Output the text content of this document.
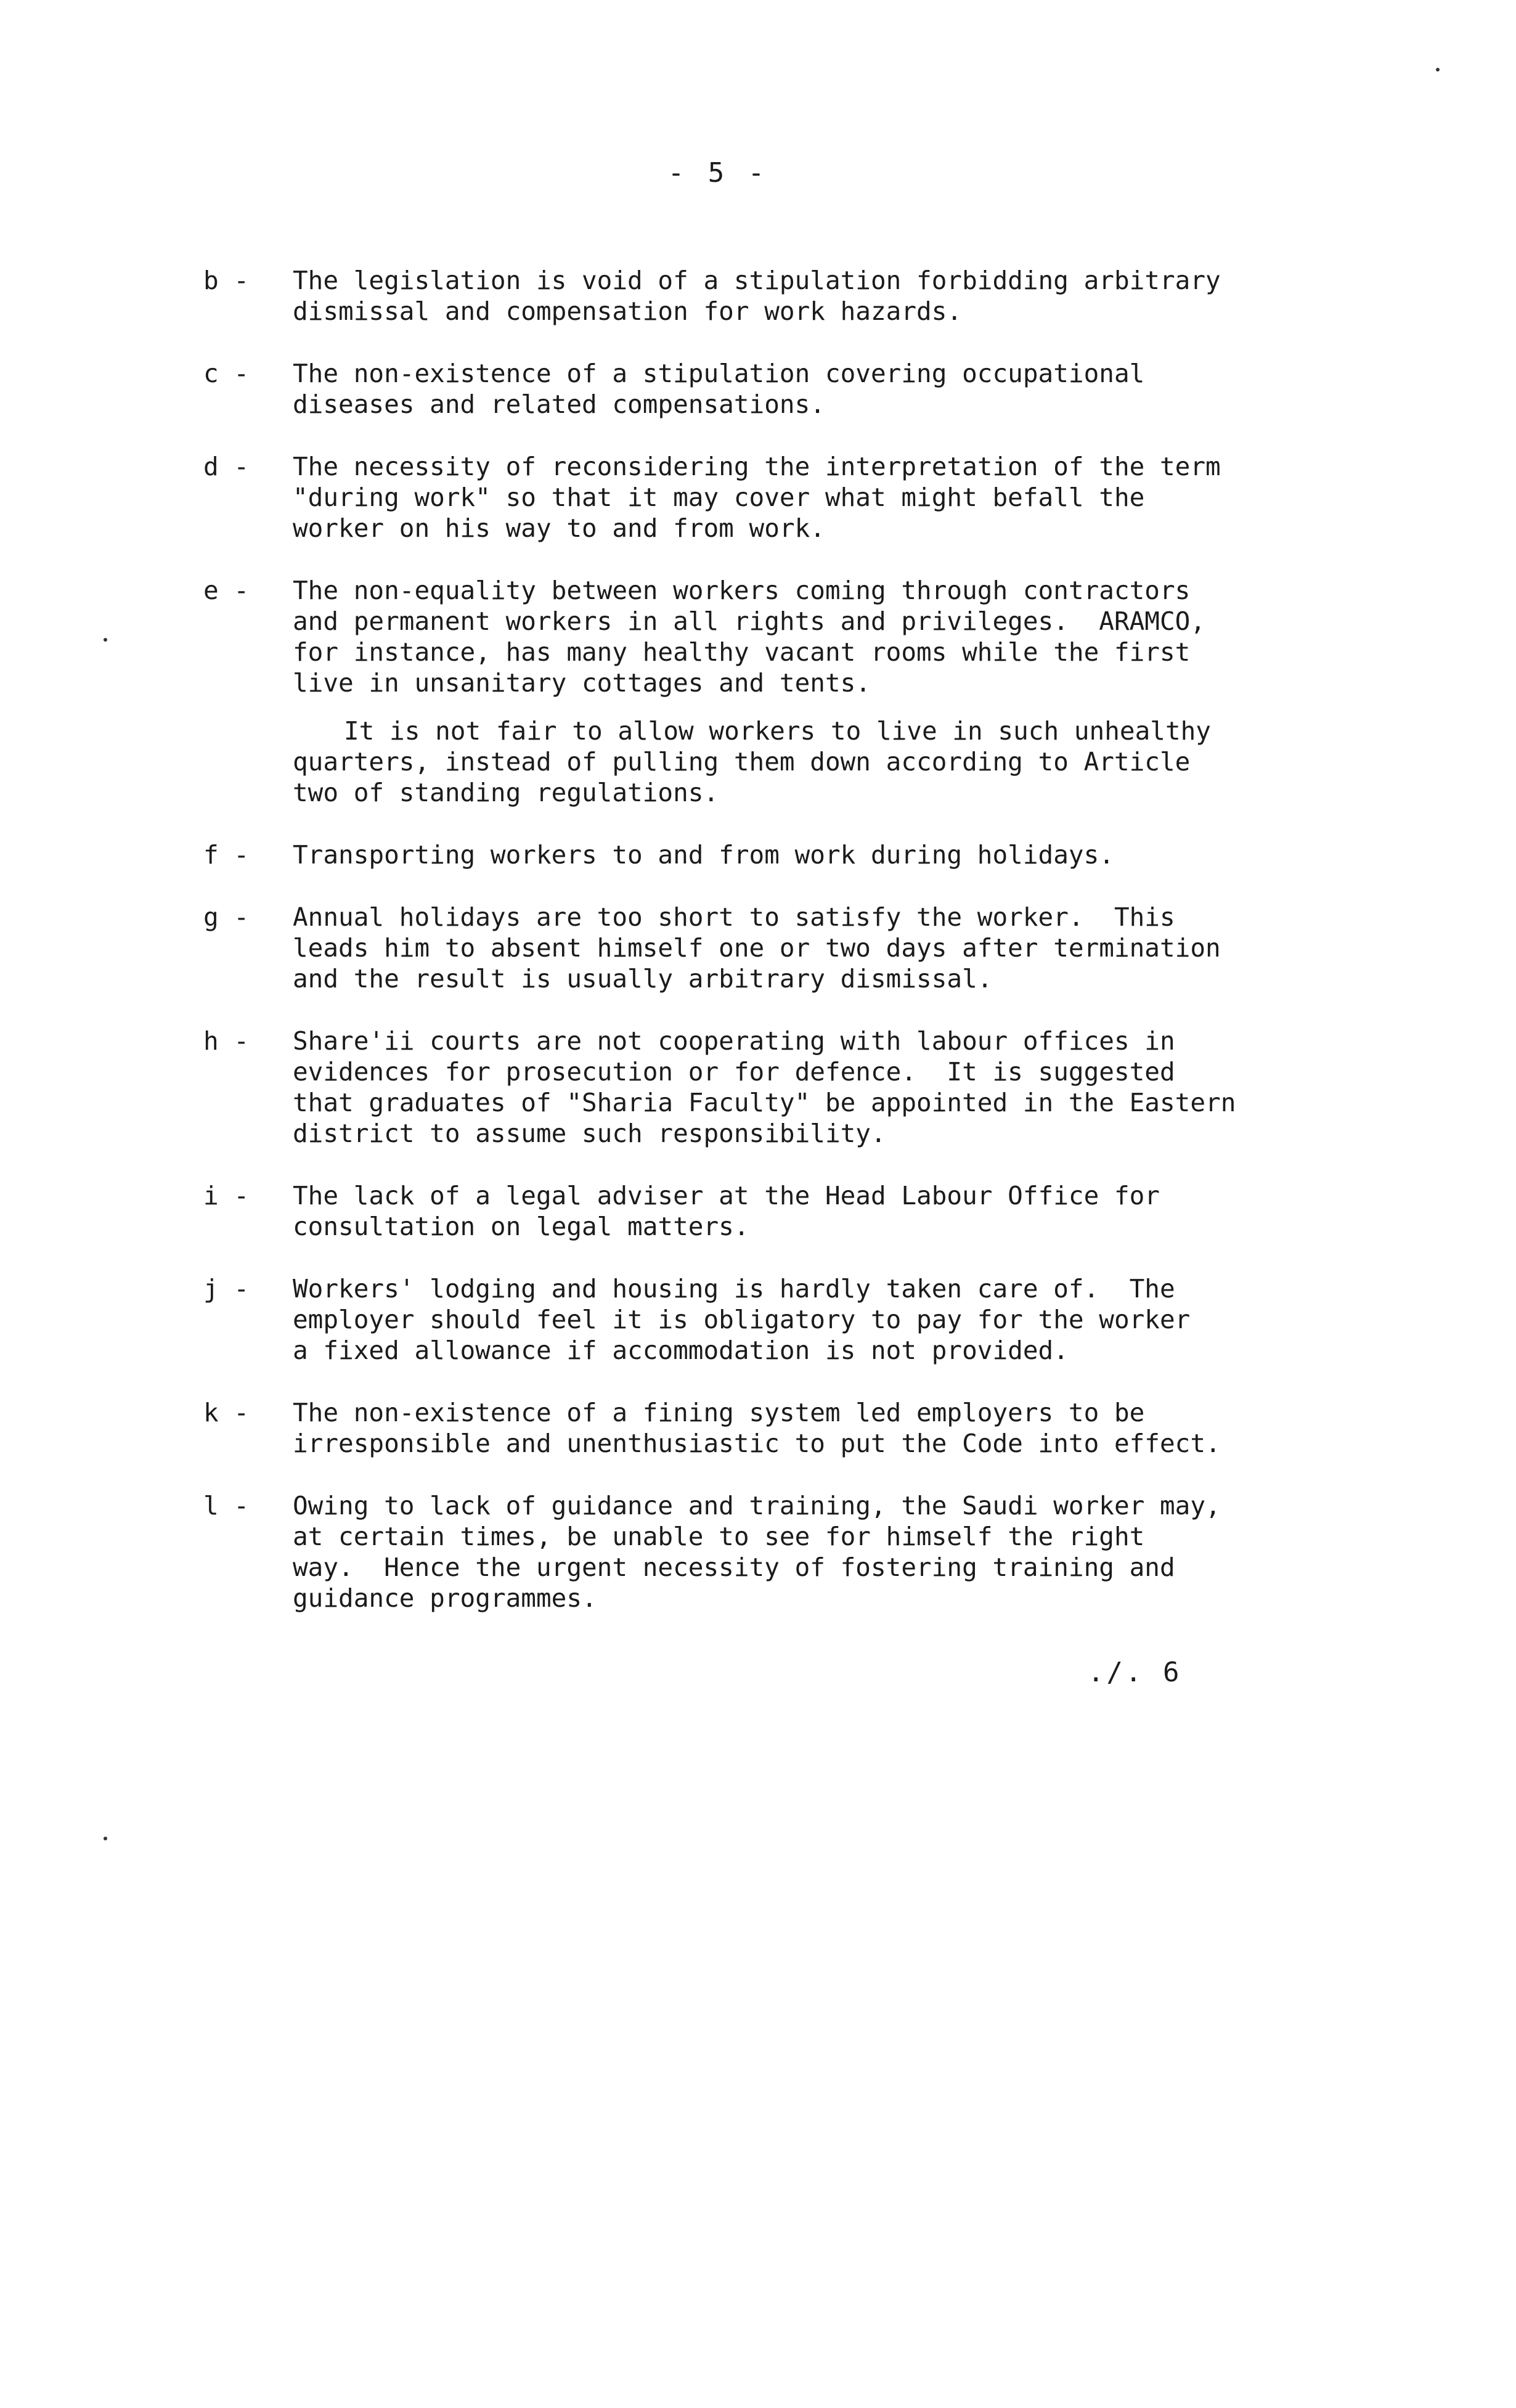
- 5 -
b -	The legislation is void of a stipulation forbidding arbitrary
dismissal and compensation for work hazards.
c -	The non-existence of a stipulation covering occupational
diseases and related compensations.
d -	The necessity of reconsidering the interpretation of the term
"during work" so that it may cover what might befall the
worker on his way to and from work.
e -	The non-equality between workers coming through contractors
and permanent workers in all rights and privileges.  ARAMCO,
for instance, has many healthy vacant rooms while the first
live in unsanitary cottages and tents.
It is not fair to allow workers to live in such unhealthy
quarters, instead of pulling them down according to Article
two of standing regulations.
f -	Transporting workers to and from work during holidays.
g -	Annual holidays are too short to satisfy the worker.  This
leads him to absent himself one or two days after termination
and the result is usually arbitrary dismissal.
h -	Share'ii courts are not cooperating with labour offices in
evidences for prosecution or for defence.  It is suggested
that graduates of "Sharia Faculty" be appointed in the Eastern
district to assume such responsibility.
i -	The lack of a legal adviser at the Head Labour Office for
consultation on legal matters.
j -	Workers' lodging and housing is hardly taken care of.  The
employer should feel it is obligatory to pay for the worker
a fixed allowance if accommodation is not provided.
k -	The non-existence of a fining system led employers to be
irresponsible and unenthusiastic to put the Code into effect.
l -	Owing to lack of guidance and training, the Saudi worker may,
at certain times, be unable to see for himself the right
way.  Hence the urgent necessity of fostering training and
guidance programmes.
./. 6
